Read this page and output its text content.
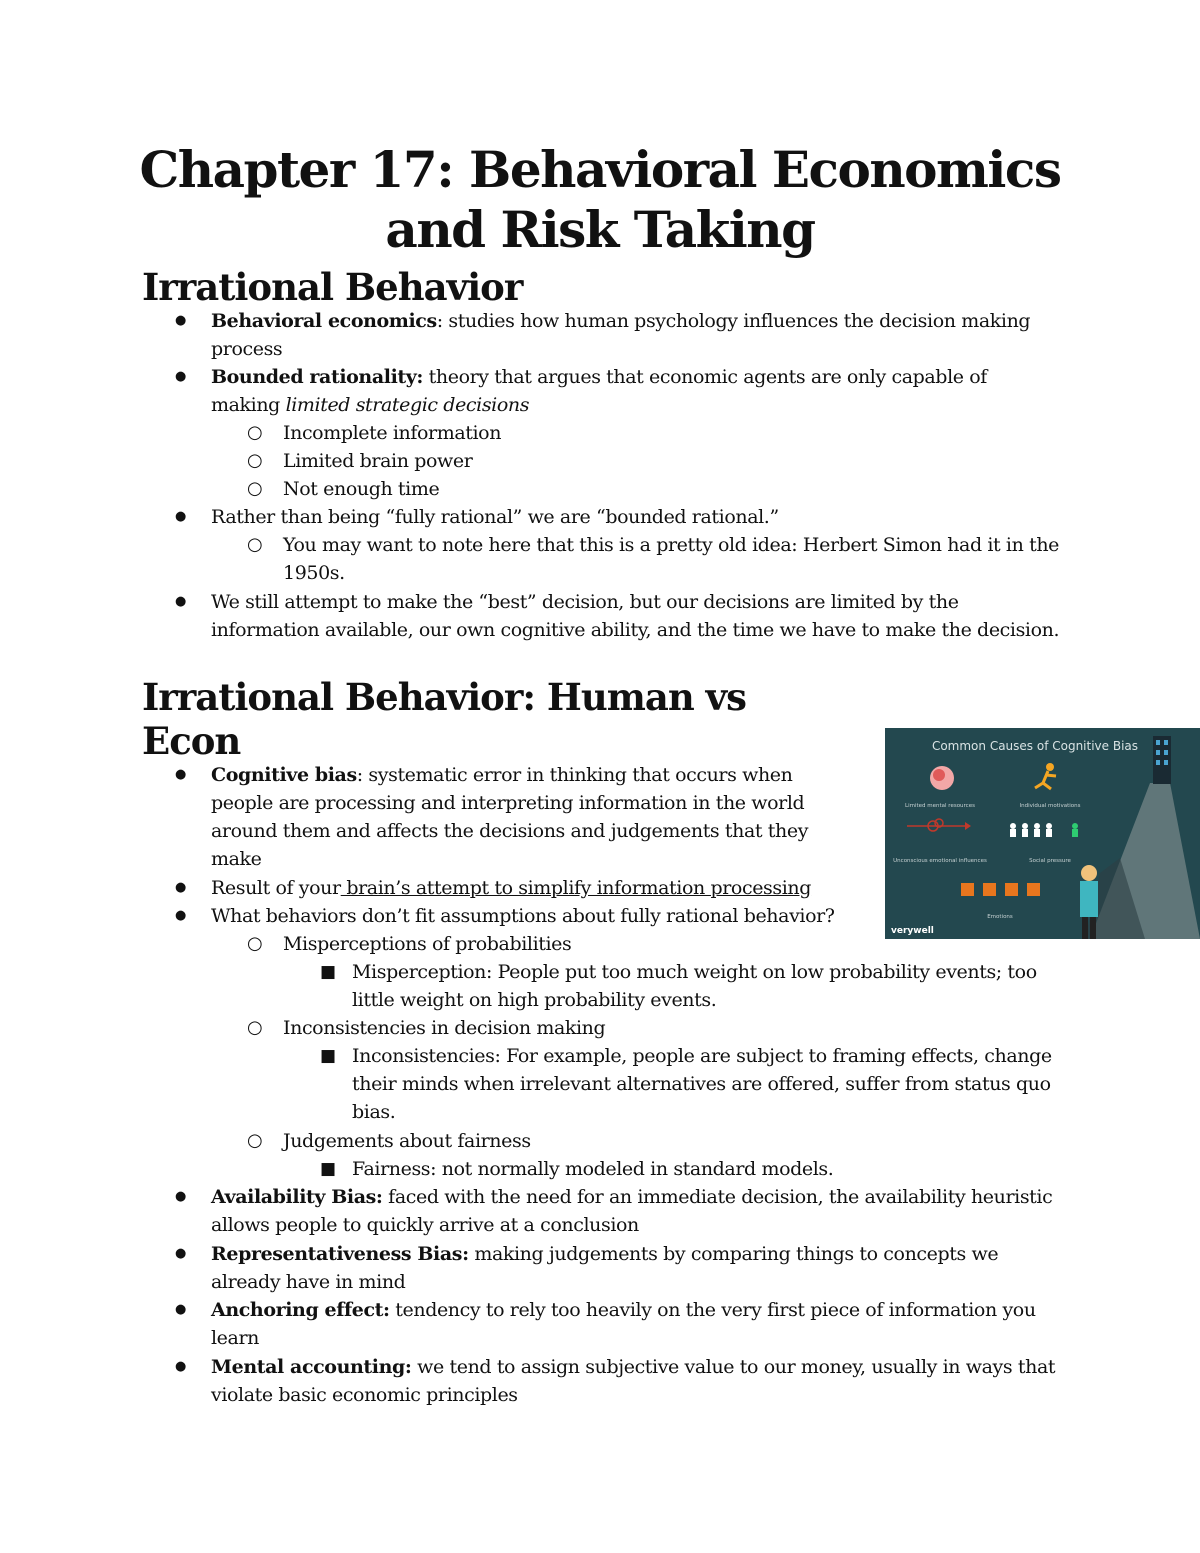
Chapter 17: Behavioral Economics
and Risk Taking
Irrational Behavior
● Behavioral economics: studies how human psychology influences the decision making process
● Bounded rationality: theory that argues that economic agents are only capable of making limited strategic decisions
○ Incomplete information
○ Limited brain power
○ Not enough time
● Rather than being “fully rational” we are “bounded rational.”
○ You may want to note here that this is a pretty old idea: Herbert Simon had it in the 1950s.
● We still attempt to make the “best” decision, but our decisions are limited by the information available, our own cognitive ability, and the time we have to make the decision.
Irrational Behavior: Human vs
Econ	Common Causes of Cognitive Bias
Limited mental resources	Individual motivations
Unconscious emotional influences	Social pressure
Emotions
verywell
● Cognitive bias: systematic error in thinking that occurs when people are processing and interpreting information in the world around them and affects the decisions and judgements that they make
● Result of your brain’s attempt to simplify information processing
● What behaviors don’t fit assumptions about fully rational behavior?
○ Misperceptions of probabilities
■ Misperception: People put too much weight on low probability events; too little weight on high probability events.
○ Inconsistencies in decision making
■ Inconsistencies: For example, people are subject to framing effects, change their minds when irrelevant alternatives are offered, suffer from status quo bias.
○ Judgements about fairness
■ Fairness: not normally modeled in standard models.
● Availability Bias: faced with the need for an immediate decision, the availability heuristic allows people to quickly arrive at a conclusion
● Representativeness Bias: making judgements by comparing things to concepts we already have in mind
● Anchoring effect: tendency to rely too heavily on the very first piece of information you learn
● Mental accounting: we tend to assign subjective value to our money, usually in ways that violate basic economic principles
